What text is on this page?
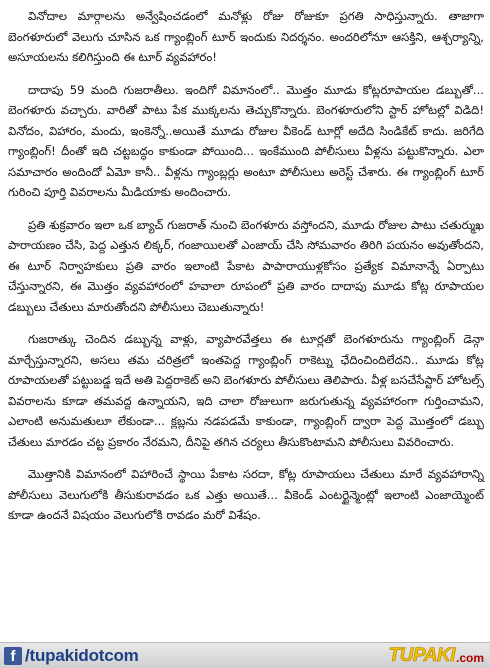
వినోదాల మార్గాలను అన్వేషించడంలో మనోళ్లు రోజు రోజుకూ ప్రగతి సాధిస్తున్నారు. తాజాగా బెంగళూరులో వెలుగు చూసిన ఒక గ్యాంబ్లింగ్ టూర్ ఇందుకు నిదర్శనం. అందరిలోనూ ఆసక్తిని, ఆశ్చర్యాన్ని, అసూయలను కలిగిస్తుంది ఈ టూర్ వ్యవహారం!

దాదాపు 59 మంది గుజరాతీలు. ఇందిగో విమానంలో.. మొత్తం మూడు కోట్లరూపాయల డబ్బుతో... బెంగళూరు వచ్చారు. వారితో పాటు పేక ముక్కలను తెచ్చుకొన్నారు. బెంగళూరులోని స్టార్ హోటల్లో విడిది! వినోదం, విహారం, మందు, ఇంకెన్నో..అయితే మూడు రోజుల వీకెండ్ టూర్లో అదేది సిండికేట్ కాదు. జరిగేది గ్యాంబ్లింగ్! దీంతో ఇది చట్టబద్ధం కాకుండా పోయింది... ఇంకేముంది పోలీసులు వీళ్లను పట్టుకొన్నారు. ఎలా సమాచారం అందిందో ఏమో కానీ.. వీళ్లను గ్యాంబ్లర్లు అంటూ పోలీసులు అరెస్ట్ చేశారు. ఈ గ్యాంబ్లింగ్ టూర్ గురించి పూర్తి వివరాలను మీడియాకు అందించారు.

ప్రతి శుక్రవారం ఇలా ఒక బ్యాచ్ గుజరాత్ నుంచి బెంగళూరు వస్తోందని, మూడు రోజుల పాటు చతుర్ముఖ పారాయణం చేసి, పెద్ద ఎత్తున లిక్కర్, గంజాయిలతో ఎంజాయ్ చేసి సోమవారం తిరిగి పయనం అవుతోందని, ఈ టూర్ నిర్వాహకులు ప్రతి వారం ఇలాంటి పేకాట పాపారాయుళ్లకోసం ప్రత్యేక విమానాన్నే ఏర్పాటు చేస్తున్నారని, ఈ మొత్తం వ్యవహారంలో హవాలా రూపంలో ప్రతి వారం దాదాపు మూడు కోట్ల రూపాయల డబ్బులు చేతులు మారుతోందని పోలీసులు చెబుతున్నారు!

గుజరాత్కు చెందిన డబ్బున్న వాళ్లు, వ్యాపారవేత్తలు ఈ టూర్లతో బెంగళూరును గ్యాంబ్లింగ్ డెన్గా మార్చేస్తున్నారని, అసలు తమ చరిత్రలో ఇంతపెద్ద గ్యాంబ్లింగ్ రాకెట్ను ఛేదించిందిలేదని.. మూడు కోట్ల రూపాయలతో పట్టుబడ్డ ఇదే అతి పెద్దరాకెట్ అని బెంగళూరు పోలీసులు తెలిపారు. వీళ్ల బసచేసేస్టార్ హోటల్స్ వివరాలను కూడా తమవద్ద ఉన్నాయని, ఇది చాలా రోజులుగా జరుగుతున్న వ్యవహారంగా గుర్తించామని, ఎలాంటి అనుమతులూ లేకుండా... క్లబ్లను నడపడమే కాకుండా, గ్యాంబ్లింగ్ ద్వారా పెద్ద మొత్తంలో డబ్బు చేతులు మారడం చట్ట ప్రకారం నేరమని, దీనిపై తగిన చర్యలు తీసుకొంటామని పోలీసులు వివరించారు.

మొత్తానికి విమానంలో విహారించే స్థాయి పేకాట సరదా, కోట్ల రూపాయలు చేతులు మారే వ్యవహారాన్ని పోలీసులు వెలుగులోకి తీసుకురావడం ఒక ఎత్తు అయితే... వీకెండ్ ఎంటర్టైన్మెంట్లో ఇలాంటి ఎంజాయ్మెంట్ కూడా ఉందనే విషయం వెలుగులోకి రావడం మరో విశేషం.

f /tupakidotcom	TUPAKI .com
